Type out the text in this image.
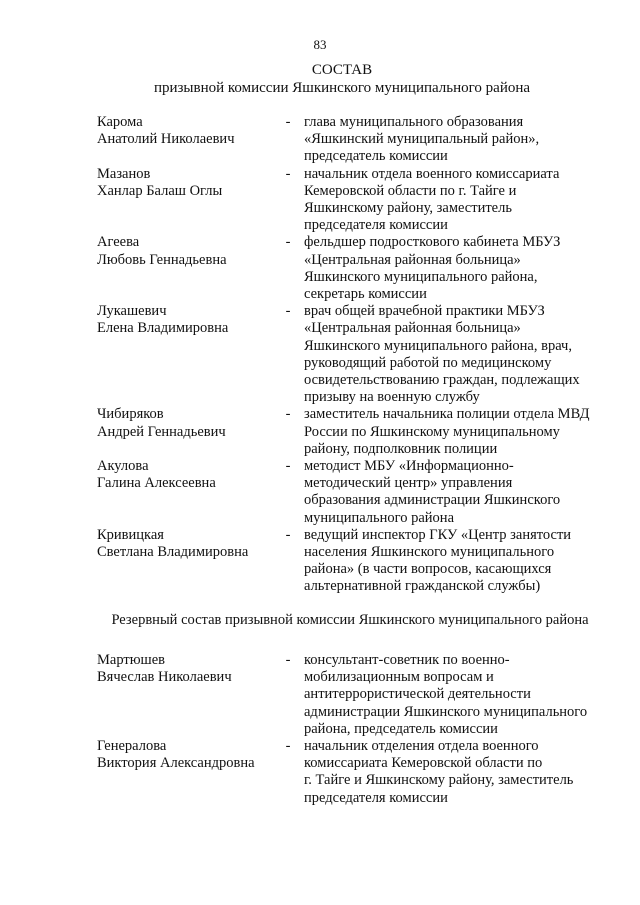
83
СОСТАВ
призывной комиссии Яшкинского муниципального района
Карома
Анатолий Николаевич
- глава муниципального образования
«Яшкинский муниципальный район»,
председатель комиссии
Мазанов
Ханлар Балаш Оглы
- начальник отдела военного комиссариата
Кемеровской области по г. Тайге и
Яшкинскому району, заместитель
председателя комиссии
Агеева
Любовь Геннадьевна
- фельдшер подросткового кабинета МБУЗ
«Центральная районная больница»
Яшкинского муниципального района,
секретарь комиссии
Лукашевич
Елена Владимировна
- врач общей врачебной практики МБУЗ
«Центральная районная больница»
Яшкинского муниципального района, врач,
руководящий работой по медицинскому
освидетельствованию граждан, подлежащих
призыву на военную службу
Чибиряков
Андрей Геннадьевич
- заместитель начальника полиции отдела МВД
России по Яшкинскому муниципальному
району, подполковник полиции
Акулова
Галина Алексеевна
- методист МБУ «Информационно-
методический центр» управления
образования администрации Яшкинского
муниципального района
Кривицкая
Светлана Владимировна
- ведущий инспектор ГКУ «Центр занятости
населения Яшкинского муниципального
района» (в части вопросов, касающихся
альтернативной гражданской службы)
Резервный состав призывной комиссии Яшкинского муниципального района
Мартюшев
Вячеслав Николаевич
- консультант-советник по военно-
мобилизационным вопросам и
антитеррористической деятельности
администрации Яшкинского муниципального
района, председатель комиссии
Генералова
Виктория Александровна
- начальник отделения отдела военного
комиссариата Кемеровской области по
г. Тайге и Яшкинскому району, заместитель
председателя комиссии
